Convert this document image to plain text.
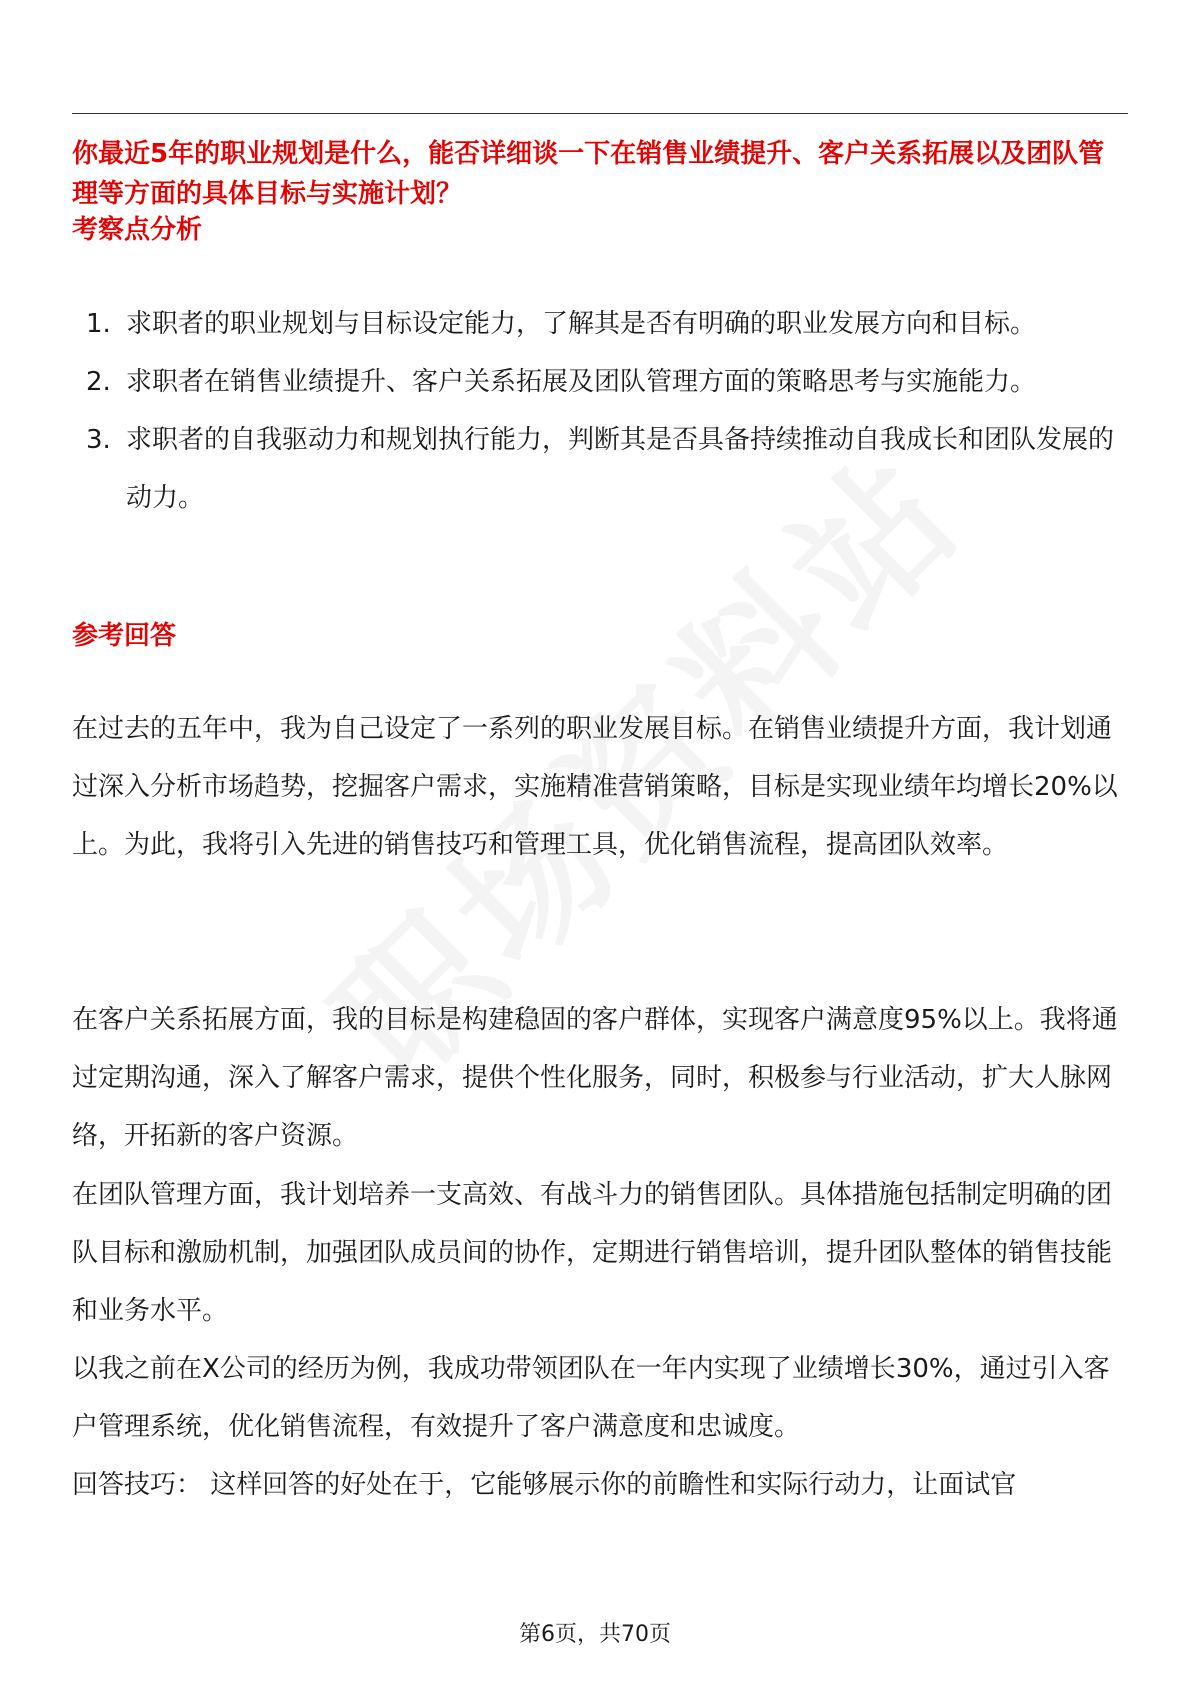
你最近5年的职业规划是什么，能否详细谈一下在销售业绩提升、客户关系拓展以及团队管理等方面的具体目标与实施计划？

考察点分析
1. 求职者的职业规划与目标设定能力，了解其是否有明确的职业发展方向和目标。
2. 求职者在销售业绩提升、客户关系拓展及团队管理方面的策略思考与实施能力。
3. 求职者的自我驱动力和规划执行能力，判断其是否具备持续推动自我成长和团队发展的动力。
参考回答

在过去的五年中，我为自己设定了一系列的职业发展目标。在销售业绩提升方面，我计划通过深入分析市场趋势，挖掘客户需求，实施精准营销策略，目标是实现业绩年均增长20%以上。为此，我将引入先进的销售技巧和管理工具，优化销售流程，提高团队效率。

在客户关系拓展方面，我的目标是构建稳固的客户群体，实现客户满意度95%以上。我将通过定期沟通，深入了解客户需求，提供个性化服务，同时，积极参与行业活动，扩大人脉网络，开拓新的客户资源。

在团队管理方面，我计划培养一支高效、有战斗力的销售团队。具体措施包括制定明确的团队目标和激励机制，加强团队成员间的协作，定期进行销售培训，提升团队整体的销售技能和业务水平。

以我之前在X公司的经历为例，我成功带领团队在一年内实现了业绩增长30%，通过引入客户管理系统，优化销售流程，有效提升了客户满意度和忠诚度。

回答技巧： 这样回答的好处在于，它能够展示你的前瞻性和实际行动力，让面试官

第6页，共70页
